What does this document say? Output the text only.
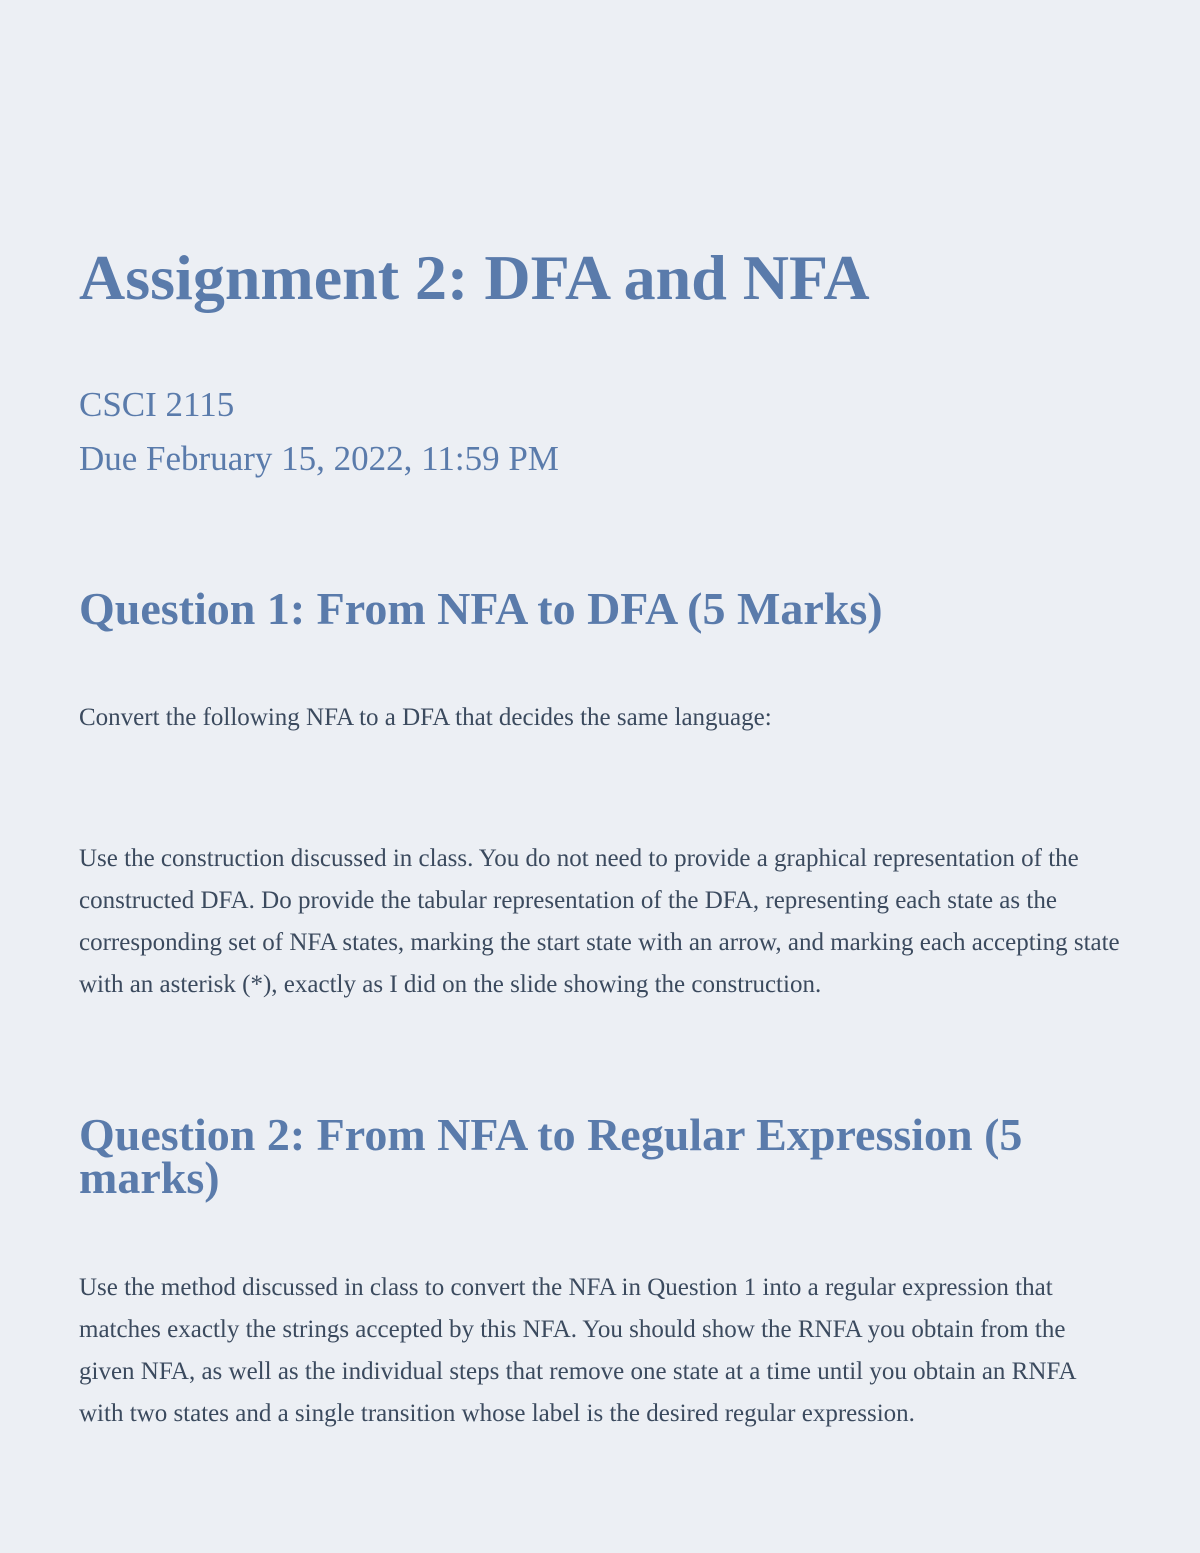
Assignment 2: DFA and NFA
CSCI 2115
Due February 15, 2022, 11:59 PM
Question 1: From NFA to DFA (5 Marks)

Convert the following NFA to a DFA that decides the same language:

Use the construction discussed in class. You do not need to provide a graphical representation of the constructed DFA. Do provide the tabular representation of the DFA, representing each state as the corresponding set of NFA states, marking the start state with an arrow, and marking each accepting state with an asterisk (*), exactly as I did on the slide showing the construction.

Question 2: From NFA to Regular Expression (5 marks)

Use the method discussed in class to convert the NFA in Question 1 into a regular expression that matches exactly the strings accepted by this NFA. You should show the RNFA you obtain from the given NFA, as well as the individual steps that remove one state at a time until you obtain an RNFA with two states and a single transition whose label is the desired regular expression.
